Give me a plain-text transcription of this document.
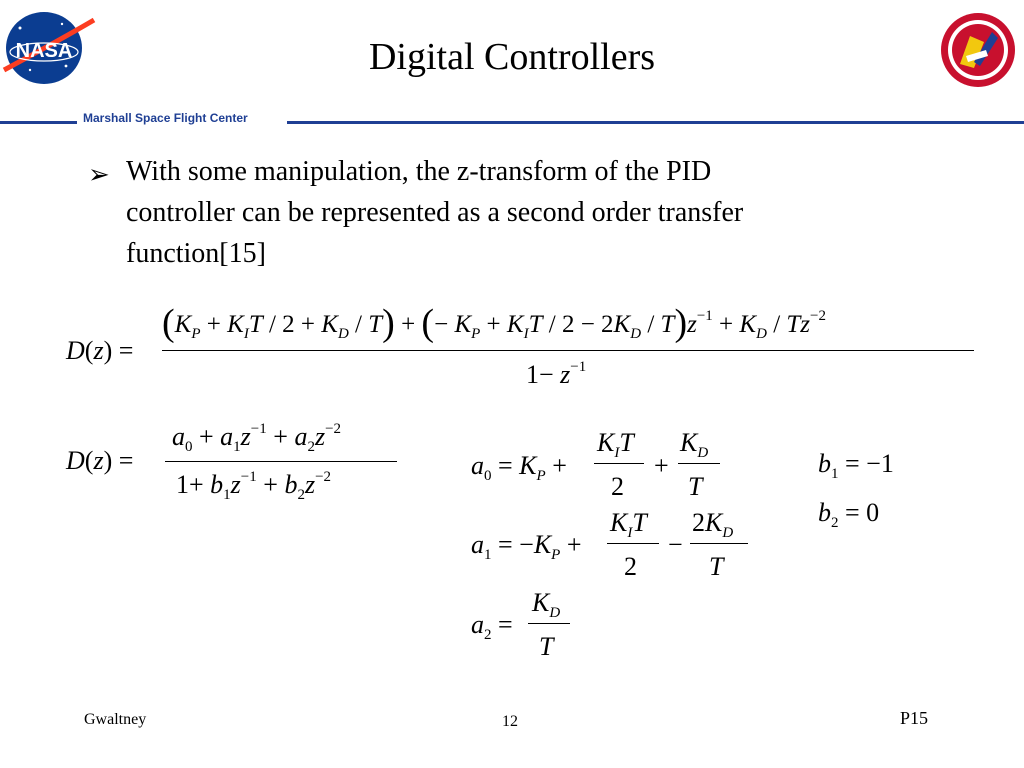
NASA	Digital Controllers
Marshall Space Flight Center
➢ With some manipulation, the z-transform of the PID
controller can be represented as a second order transfer
function[15]
D(z) =
$(K_P + K_IT / 2 + K_D / T)$ + (− $K_P + K_IT / 2 - 2K_D / T)z^{-1} + K_D / Tz^{-2}$
$1- z^{-1}$
D(z) =
$a_0 + a_1z^{-1} + a_2z^{-2}$
$1+ b_1z^{-1} + b_2z^{-2}$	$a_0 = K_P$ +
$K_IT$
2
+
$K_D$
T
$a_1 = -K_P$ +
$K_IT$
2
−
$2K_D$
T
$a_2$ =
$K_D$
T
$b_1 = -1$
$b_2 = 0$
Gwaltney	12	P15
